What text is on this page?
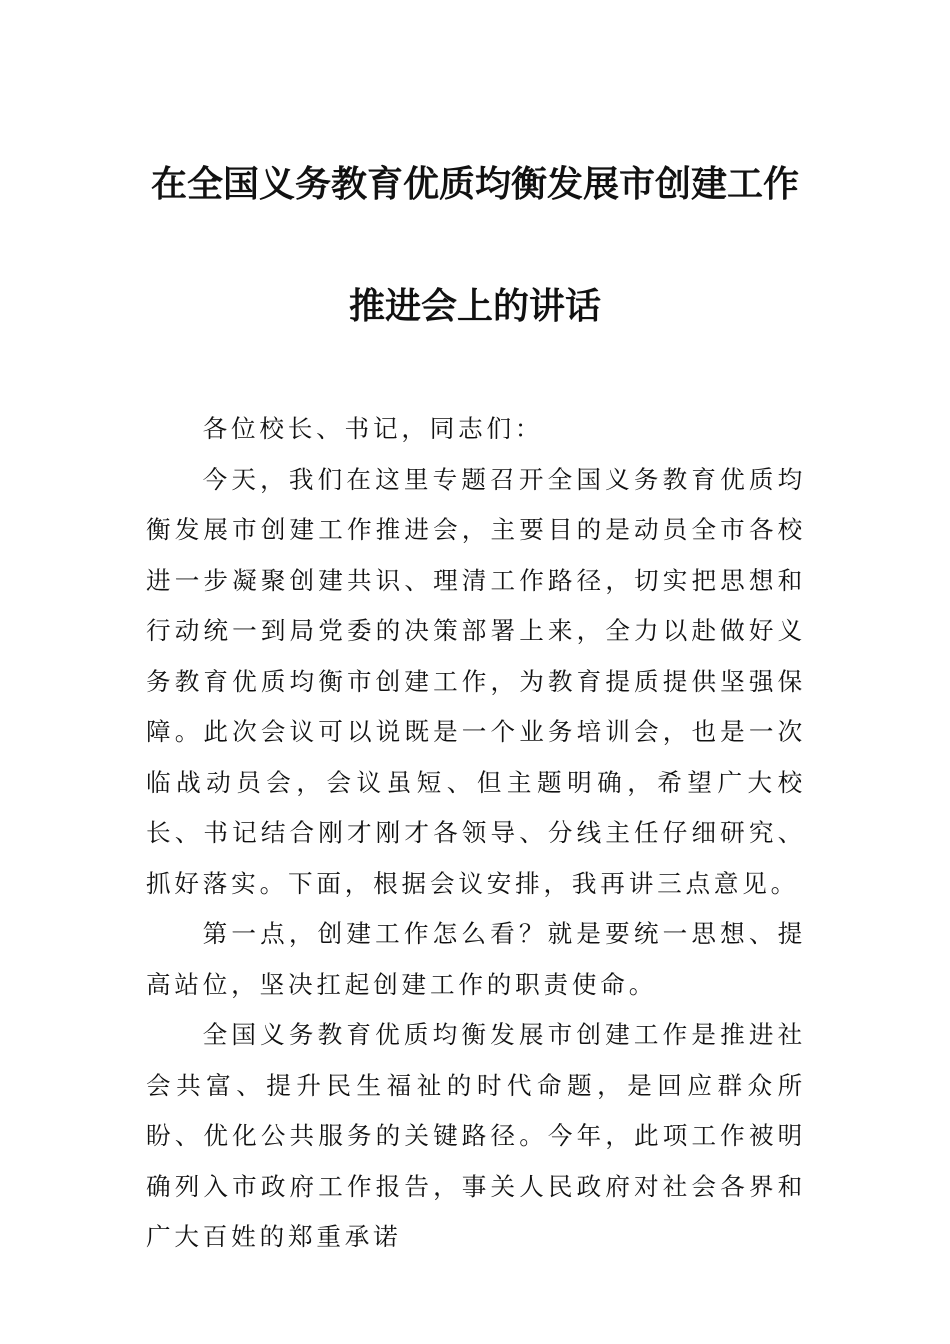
在全国义务教育优质均衡发展市创建工作
推进会上的讲话

各位校长、书记，同志们：

今天，我们在这里专题召开全国义务教育优质均衡发展市创建工作推进会，主要目的是动员全市各校进一步凝聚创建共识、理清工作路径，切实把思想和行动统一到局党委的决策部署上来，全力以赴做好义务教育优质均衡市创建工作，为教育提质提供坚强保障。此次会议可以说既是一个业务培训会，也是一次临战动员会，会议虽短、但主题明确，希望广大校长、书记结合刚才刚才各领导、分线主任仔细研究、抓好落实。下面，根据会议安排，我再讲三点意见。

第一点，创建工作怎么看？就是要统一思想、提高站位，坚决扛起创建工作的职责使命。

全国义务教育优质均衡发展市创建工作是推进社会共富、提升民生福祉的时代命题，是回应群众所盼、优化公共服务的关键路径。今年，此项工作被明确列入市政府工作报告，事关人民政府对社会各界和广大百姓的郑重承诺
